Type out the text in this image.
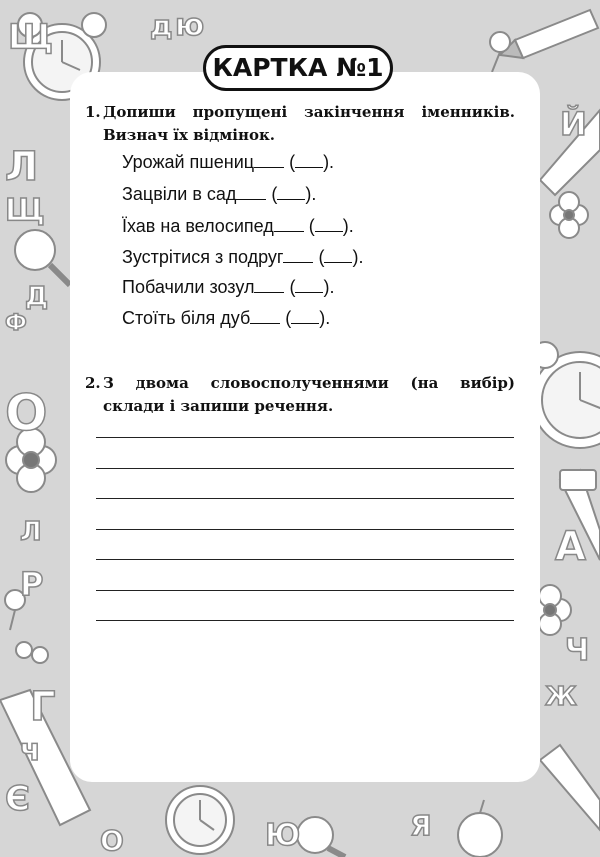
Щ	д ю
Л
Щ
Д
О
Р
Л
Г
ч
Й
А
Ч
Ж
Ю	Я
Ф
Є
О
КАРТКА №1
1. Допиши пропущені закінчення іменників. Визнач їх відмінок.
Урожай пшениц ( ).
Зацвіли в сад ( ).
Їхав на велосипед ( ).
Зустрітися з подруг ( ).
Побачили зозул ( ).
Стоїть біля дуб ( ).
2. З двома словосполученнями (на вибір) склади і запиши речення.
